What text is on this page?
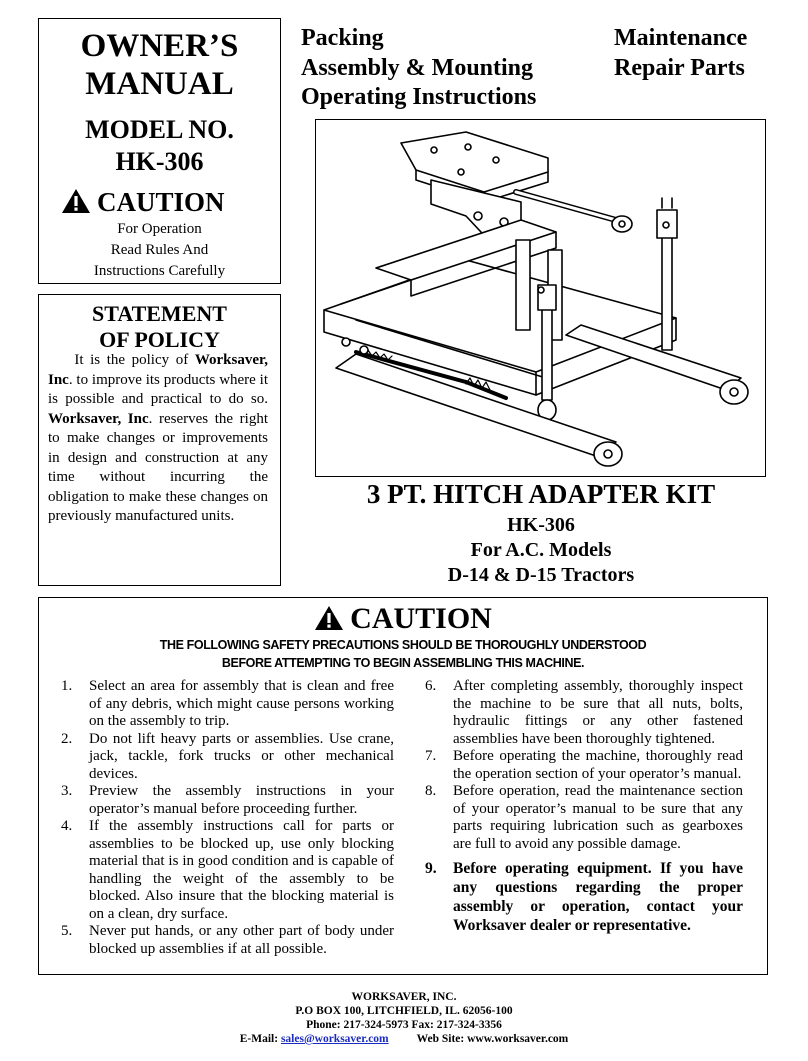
OWNER’S
MANUAL
MODEL NO.
HK-306
CAUTION
For Operation
Read Rules And
Instructions Carefully
STATEMENT
OF POLICY
It is the policy of Worksaver, Inc. to improve its products where it is possible and practical to do so. Worksaver, Inc. reserves the right to make changes or improvements in design and construction at any time without incurring the obligation to make these changes on previously manufactured units.
Packing
Assembly & Mounting
Operating Instructions
Maintenance
Repair Parts
3 PT. HITCH ADAPTER KIT
HK-306
For A.C. Models
D-14 & D-15 Tractors
CAUTION
THE FOLLOWING SAFETY PRECAUTIONS SHOULD BE THOROUGHLY UNDERSTOOD
BEFORE ATTEMPTING TO BEGIN ASSEMBLING THIS MACHINE.
1. Select an area for assembly that is clean and free of any debris, which might cause persons working on the assembly to trip.
2. Do not lift heavy parts or assemblies. Use crane, jack, tackle, fork trucks or other mechanical devices.
3. Preview the assembly instructions in your operator’s manual before proceeding further.
4. If the assembly instructions call for parts or assemblies to be blocked up, use only blocking material that is in good condition and is capable of handling the weight of the assembly to be blocked. Also insure that the blocking material is on a clean, dry surface.
5. Never put hands, or any other part of body under blocked up assemblies if at all possible.
6. After completing assembly, thoroughly inspect the machine to be sure that all nuts, bolts, hydraulic fittings or any other fastened assemblies have been thoroughly tightened.
7. Before operating the machine, thoroughly read the operation section of your operator’s manual.
8. Before operation, read the maintenance section of your operator’s manual to be sure that any parts requiring lubrication such as gearboxes are full to avoid any possible damage.
9. Before operating equipment. If you have any questions regarding the proper assembly or operation, contact your Worksaver dealer or representative.
WORKSAVER, INC.
P.O BOX 100, LITCHFIELD, IL. 62056-100
Phone: 217-324-5973 Fax: 217-324-3356
E-Mail: sales@worksaver.com Web Site: www.worksaver.com
